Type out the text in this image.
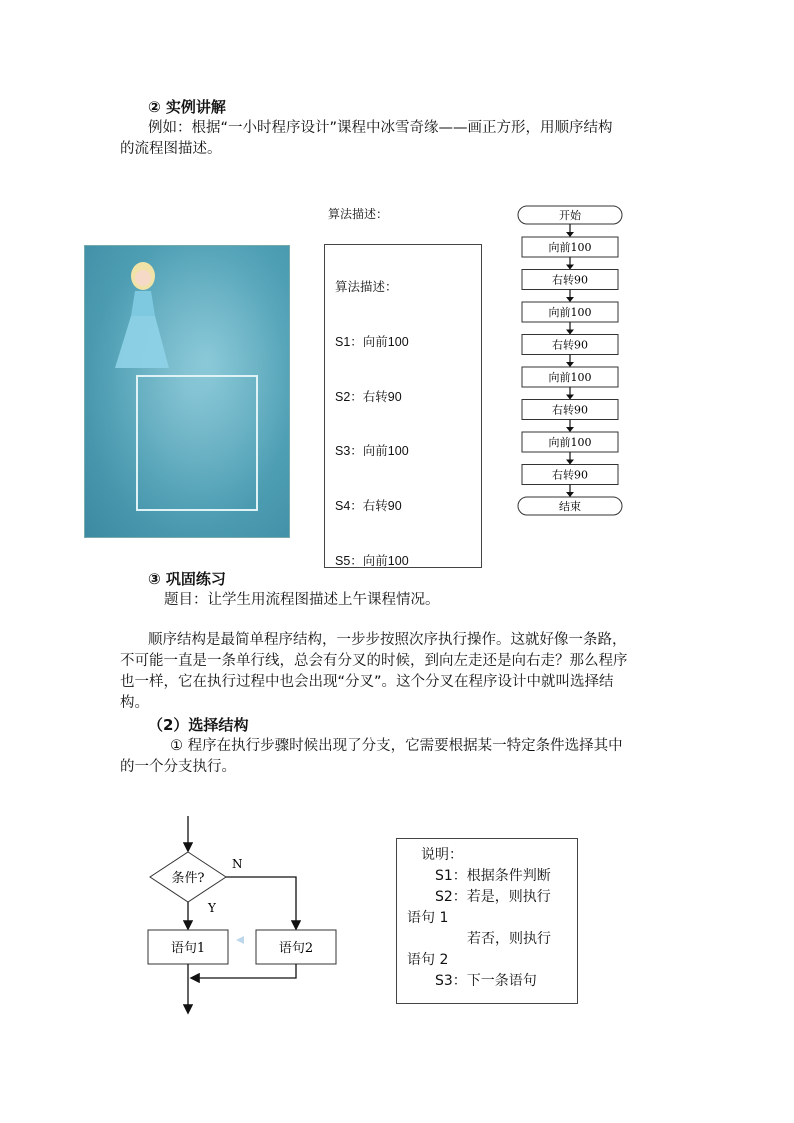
② 实例讲解
例如：根据“一小时程序设计”课程中冰雪奇缘——画正方形，用顺序结构
的流程图描述。
算法描述：
算法描述：
S1：向前100
S2：右转90
S3：向前100
S4：右转90
S5：向前100
开始
向前100
右转90
向前100
右转90
向前100
右转90
向前100
右转90
结束
③ 巩固练习
题目：让学生用流程图描述上午课程情况。
顺序结构是最简单程序结构，一步步按照次序执行操作。这就好像一条路，
不可能一直是一条单行线，总会有分叉的时候，到向左走还是向右走？那么程序
也一样，它在执行过程中也会出现“分叉”。这个分叉在程序设计中就叫选择结
构。
（2）选择结构
① 程序在执行步骤时候出现了分支，它需要根据某一特定条件选择其中
的一个分支执行。
条件?
Y
N
语句1	语句2
说明：
S1：根据条件判断
S2：若是，则执行
语句 1
若否，则执行
语句 2
S3：下一条语句
